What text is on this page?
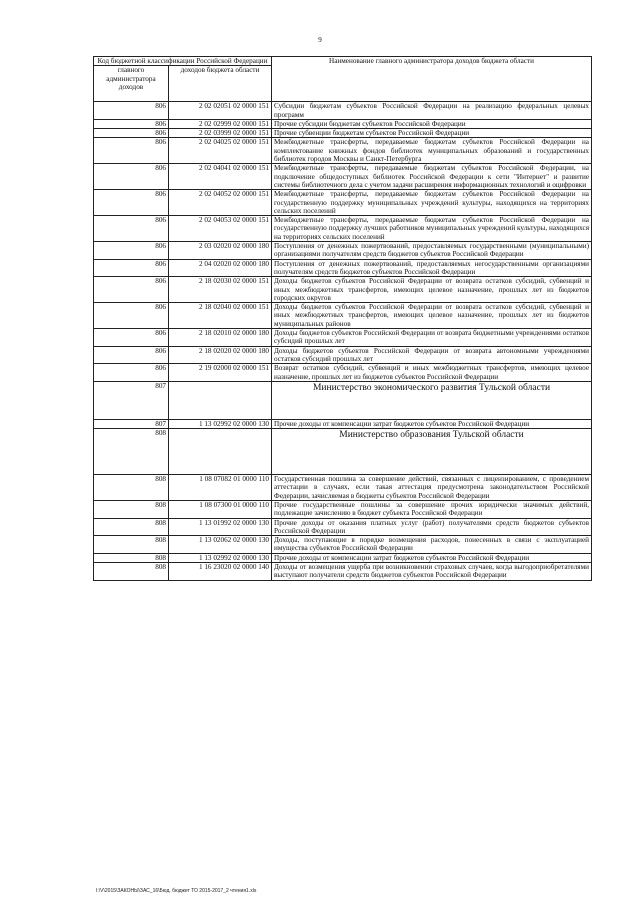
9
Код бюджетной классификации Российской Федерации		Наименование главного администратора доходов бюджета области
главного администратора доходов	доходов бюджета области	
806	2 02 02051 02 0000 151	Субсидии бюджетам субъектов Российской Федерации на реализацию федеральных целевых программ
806	2 02 02999 02 0000 151	Прочие субсидии бюджетам субъектов Российской Федерации
806	2 02 03999 02 0000 151	Прочие субвенции бюджетам субъектов Российской Федерации
806	2 02 04025 02 0000 151	Межбюджетные трансферты, передаваемые бюджетам субъектов Российской Федерации на комплектование книжных фондов библиотек муниципальных образований и государственных библиотек городов Москвы и Санкт-Петербурга
806	2 02 04041 02 0000 151	Межбюджетные трансферты, передаваемые бюджетам субъектов Российской Федерации, на подключение общедоступных библиотек Российской Федерации к сети "Интернет" и развитие системы библиотечного дела с учетом задачи расширения информационных технологий и оцифровки
806	2 02 04052 02 0000 151	Межбюджетные трансферты, передаваемые бюджетам субъектов Российской Федерации на государственную поддержку муниципальных учреждений культуры, находящихся на территориях сельских поселений
806	2 02 04053 02 0000 151	Межбюджетные трансферты, передаваемые бюджетам субъектов Российской Федерации на государственную поддержку лучших работников муниципальных учреждений культуры, находящихся на территориях сельских поселений
806	2 03 02020 02 0000 180	Поступления от денежных пожертвований, предоставляемых государственными (муниципальными) организациями получателям средств бюджетов субъектов Российской Федерации
806	2 04 02020 02 0000 180	Поступления от денежных пожертвований, предоставляемых негосударственными организациями получателям средств бюджетов субъектов Российской Федерации
806	2 18 02030 02 0000 151	Доходы бюджетов субъектов Российской Федерации от возврата остатков субсидий, субвенций и иных межбюджетных трансфертов, имеющих целевое назначение, прошлых лет из бюджетов городских округов
806	2 18 02040 02 0000 151	Доходы бюджетов субъектов Российской Федерации от возврата остатков субсидий, субвенций и иных межбюджетных трансфертов, имеющих целевое назначение, прошлых лет из бюджетов муниципальных районов
806	2 18 02010 02 0000 180	Доходы бюджетов субъектов Российской Федерации от возврата бюджетными учреждениями остатков субсидий прошлых лет
806	2 18 02020 02 0000 180	Доходы бюджетов субъектов Российской Федерации от возврата автономными учреждениями остатков субсидий прошлых лет
806	2 19 02000 02 0000 151	Возврат остатков субсидий, субвенций и иных межбюджетных трансфертов, имеющих целевое назначение, прошлых лет из бюджетов субъектов Российской Федерации
807		Министерство экономического развития Тульской области
807	1 13 02992 02 0000 130	Прочие доходы от компенсации затрат бюджетов субъектов Российской Федерации
808		Министерство образования Тульской области
808	1 08 07082 01 0000 110	Государственная пошлина за совершение действий, связанных с лицензированием, с проведением аттестации в случаях, если такая аттестация предусмотрена законодательством Российской Федерации, зачисляемая в бюджеты субъектов Российской Федерации
808	1 08 07300 01 0000 110	Прочие государственные пошлины за совершение прочих юридически значимых действий, подлежащие зачислению в бюджет субъекта Российской Федерации
808	1 13 01992 02 0000 130	Прочие доходы от оказания платных услуг (работ) получателями средств бюджетов субъектов Российской Федерации
808	1 13 02062 02 0000 130	Доходы, поступающие в порядке возмещения расходов, понесенных в связи с эксплуатацией имущества субъектов Российской Федерации
808	1 13 02992 02 0000 130	Прочие доходы от компенсации затрат бюджетов субъектов Российской Федерации
808	1 16 23020 02 0000 140	Доходы от возмещения ущерба при возникновении страховых случаев, когда выгодоприобретателями выступают получатели средств бюджетов субъектов Российской Федерации
I:\V\2015\ЗАКОНЫ\ЗАС_16\Бюд. бюджет ТО 2015-2017_2 чтения1.xls
